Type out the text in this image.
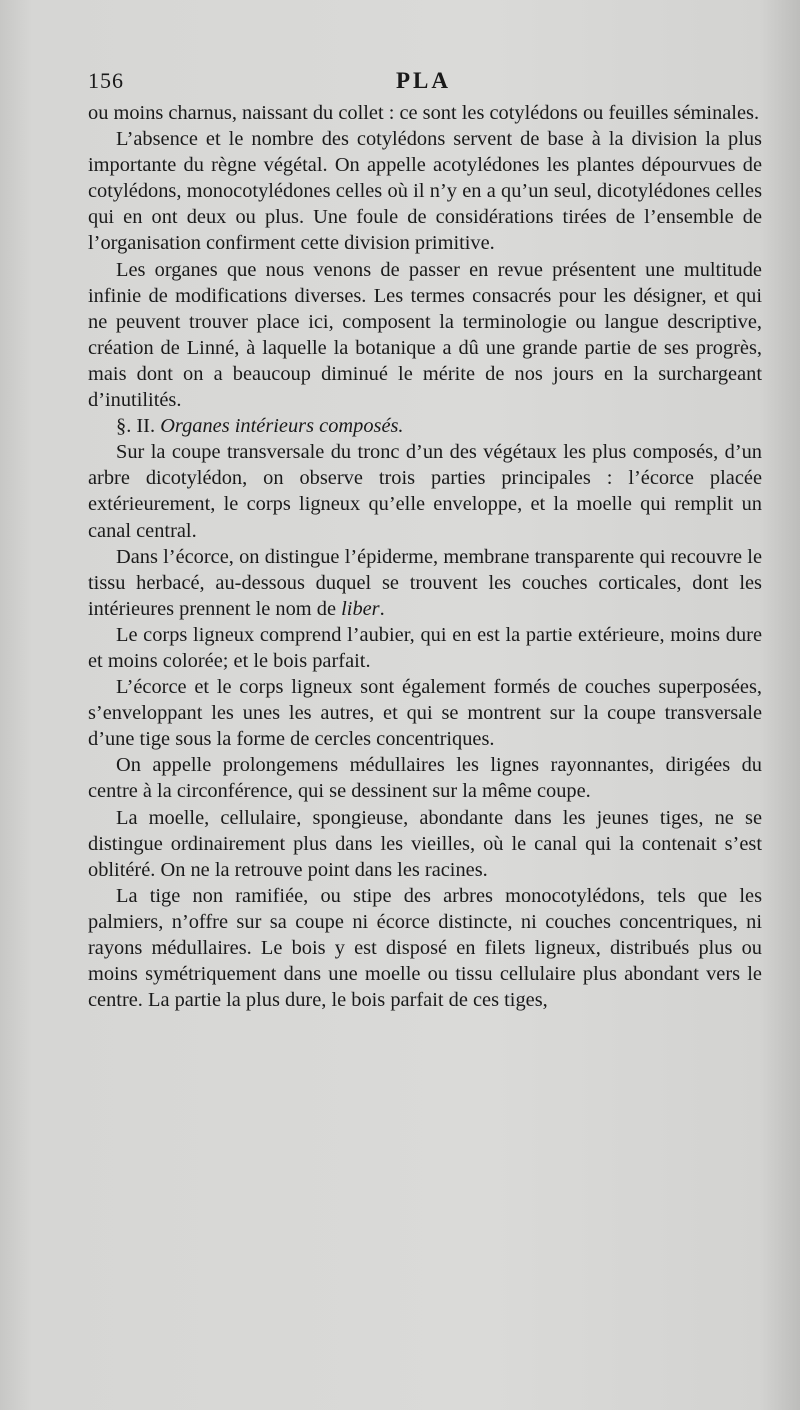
156	PLA

ou moins charnus, naissant du collet : ce sont les cotylédons ou feuilles séminales.

L’absence et le nombre des cotylédons servent de base à la division la plus importante du règne végétal. On appelle acotylédones les plantes dépourvues de cotylédons, monocotylédones celles où il n’y en a qu’un seul, dicotylédones celles qui en ont deux ou plus. Une foule de considérations tirées de l’ensemble de l’organisation confirment cette division primitive.

Les organes que nous venons de passer en revue présentent une multitude infinie de modifications diverses. Les termes consacrés pour les désigner, et qui ne peuvent trouver place ici, composent la terminologie ou langue descriptive, création de Linné, à laquelle la botanique a dû une grande partie de ses progrès, mais dont on a beaucoup diminué le mérite de nos jours en la surchargeant d’inutilités.

§. II. Organes intérieurs composés.

Sur la coupe transversale du tronc d’un des végétaux les plus composés, d’un arbre dicotylédon, on observe trois parties principales : l’écorce placée extérieurement, le corps ligneux qu’elle enveloppe, et la moelle qui remplit un canal central.

Dans l’écorce, on distingue l’épiderme, membrane transparente qui recouvre le tissu herbacé, au-dessous duquel se trouvent les couches corticales, dont les intérieures prennent le nom de liber.

Le corps ligneux comprend l’aubier, qui en est la partie extérieure, moins dure et moins colorée; et le bois parfait.

L’écorce et le corps ligneux sont également formés de couches superposées, s’enveloppant les unes les autres, et qui se montrent sur la coupe transversale d’une tige sous la forme de cercles concentriques.

On appelle prolongemens médullaires les lignes rayonnantes, dirigées du centre à la circonférence, qui se dessinent sur la même coupe.

La moelle, cellulaire, spongieuse, abondante dans les jeunes tiges, ne se distingue ordinairement plus dans les vieilles, où le canal qui la contenait s’est oblitéré. On ne la retrouve point dans les racines.

La tige non ramifiée, ou stipe des arbres monocotylédons, tels que les palmiers, n’offre sur sa coupe ni écorce distincte, ni couches concentriques, ni rayons médullaires. Le bois y est disposé en filets ligneux, distribués plus ou moins symétriquement dans une moelle ou tissu cellulaire plus abondant vers le centre. La partie la plus dure, le bois parfait de ces tiges,
